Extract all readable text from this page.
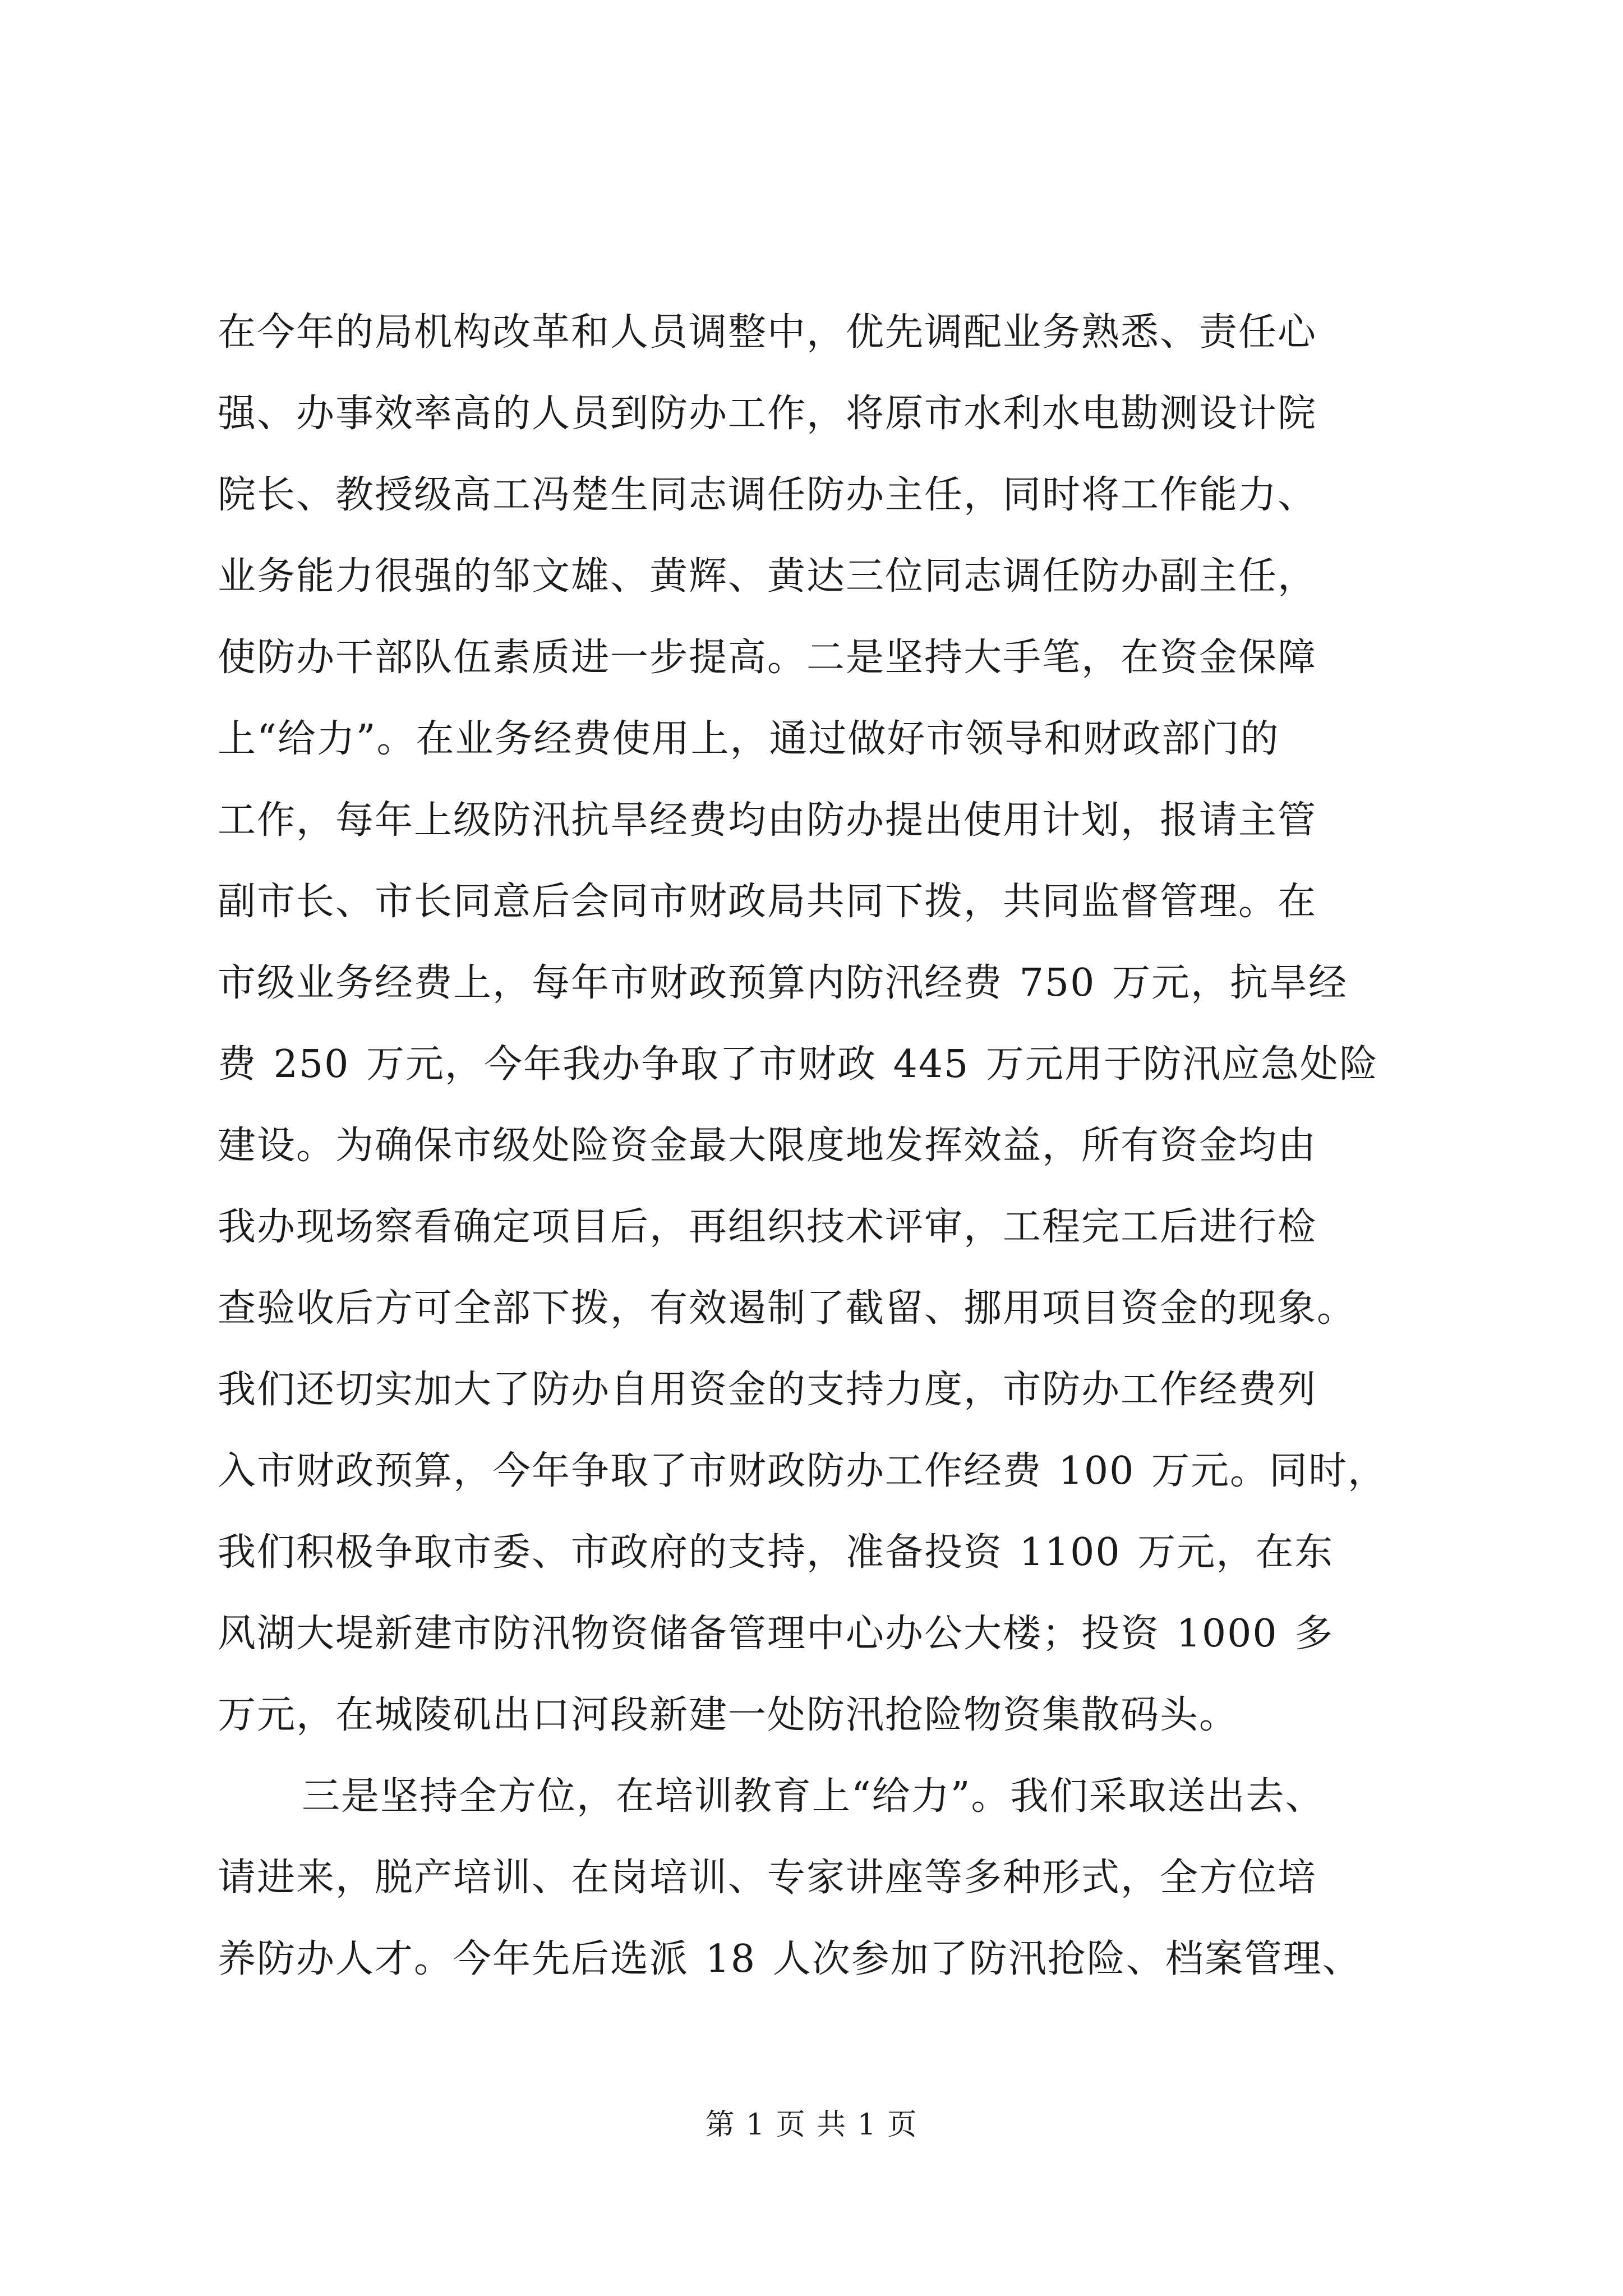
在今年的局机构改革和人员调整中，优先调配业务熟悉、责任心
强、办事效率高的人员到防办工作，将原市水利水电勘测设计院
院长、教授级高工冯楚生同志调任防办主任，同时将工作能力、
业务能力很强的邹文雄、黄辉、黄达三位同志调任防办副主任，
使防办干部队伍素质进一步提高。二是坚持大手笔，在资金保障
上“给力”。在业务经费使用上，通过做好市领导和财政部门的
工作，每年上级防汛抗旱经费均由防办提出使用计划，报请主管
副市长、市长同意后会同市财政局共同下拨，共同监督管理。在
市级业务经费上，每年市财政预算内防汛经费 750 万元，抗旱经
费 250 万元，今年我办争取了市财政 445 万元用于防汛应急处险
建设。为确保市级处险资金最大限度地发挥效益，所有资金均由
我办现场察看确定项目后，再组织技术评审，工程完工后进行检
查验收后方可全部下拨，有效遏制了截留、挪用项目资金的现象。
我们还切实加大了防办自用资金的支持力度，市防办工作经费列
入市财政预算，今年争取了市财政防办工作经费 100 万元。同时，
我们积极争取市委、市政府的支持，准备投资 1100 万元，在东
风湖大堤新建市防汛物资储备管理中心办公大楼；投资 1000 多
万元，在城陵矶出口河段新建一处防汛抢险物资集散码头。
三是坚持全方位，在培训教育上“给力”。我们采取送出去、
请进来，脱产培训、在岗培训、专家讲座等多种形式，全方位培
养防办人才。今年先后选派 18 人次参加了防汛抢险、档案管理、
第 1 页 共 1 页
